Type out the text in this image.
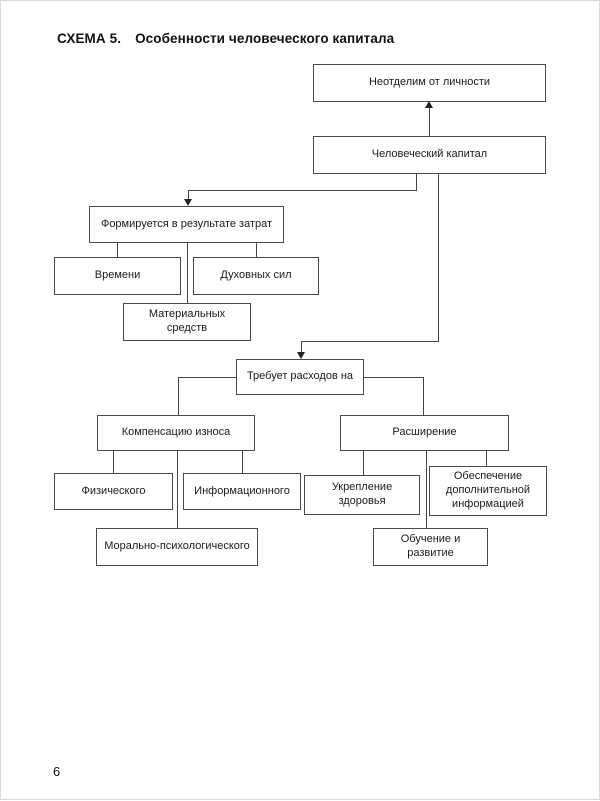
СХЕМА 5. Особенности человеческого капитала
Неотделим от личности
Человеческий капитал
Формируется в результате затрат
Времени	Духовных сил
Материальных средств
Требует расходов на
Компенсацию износа	Расширение
Физического	Информационного
Морально-психологического
Укрепление здоровья
Обеспечение дополнительной информацией
Обучение и развитие
6
